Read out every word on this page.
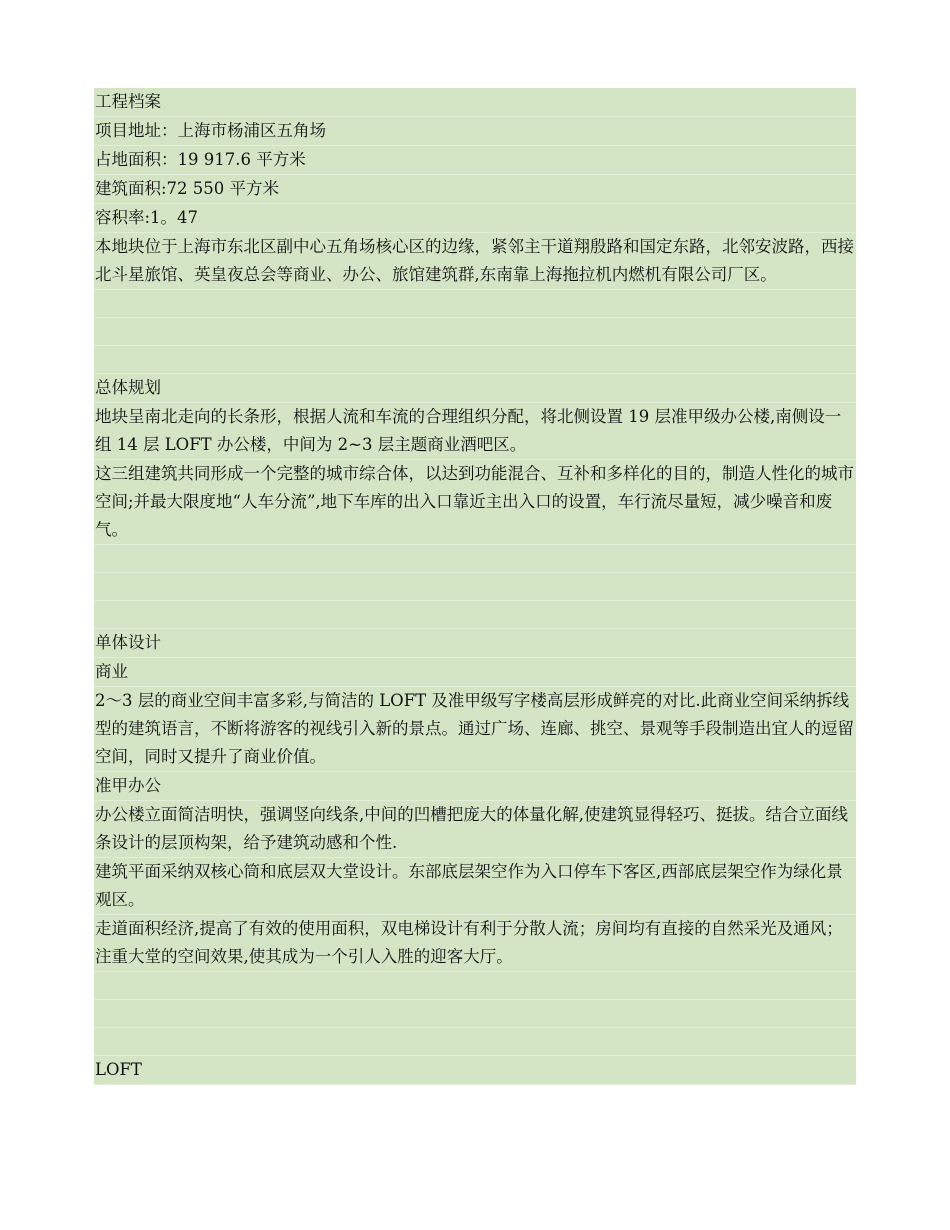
工程档案
项目地址：上海市杨浦区五角场
占地面积：19 917.6 平方米
建筑面积:72 550 平方米
容积率:1。47
本地块位于上海市东北区副中心五角场核心区的边缘，紧邻主干道翔殷路和国定东路，北邻安波路，西接北斗星旅馆、英皇夜总会等商业、办公、旅馆建筑群,东南靠上海拖拉机内燃机有限公司厂区。
总体规划
地块呈南北走向的长条形，根据人流和车流的合理组织分配，将北侧设置 19 层准甲级办公楼,南侧设一组 14 层 LOFT 办公楼，中间为 2~3 层主题商业酒吧区。
这三组建筑共同形成一个完整的城市综合体，以达到功能混合、互补和多样化的目的，制造人性化的城市空间;并最大限度地“人车分流”,地下车库的出入口靠近主出入口的设置，车行流尽量短，减少噪音和废气。
单体设计
商业
2～3 层的商业空间丰富多彩,与简洁的 LOFT 及准甲级写字楼高层形成鲜亮的对比.此商业空间采纳拆线型的建筑语言，不断将游客的视线引入新的景点。通过广场、连廊、挑空、景观等手段制造出宜人的逗留空间，同时又提升了商业价值。
准甲办公
办公楼立面简洁明快，强调竖向线条,中间的凹槽把庞大的体量化解,使建筑显得轻巧、挺拔。结合立面线条设计的层顶构架，给予建筑动感和个性.
建筑平面采纳双核心筒和底层双大堂设计。东部底层架空作为入口停车下客区,西部底层架空作为绿化景观区。
走道面积经济,提高了有效的使用面积，双电梯设计有利于分散人流；房间均有直接的自然采光及通风；注重大堂的空间效果,使其成为一个引人入胜的迎客大厅。
LOFT
